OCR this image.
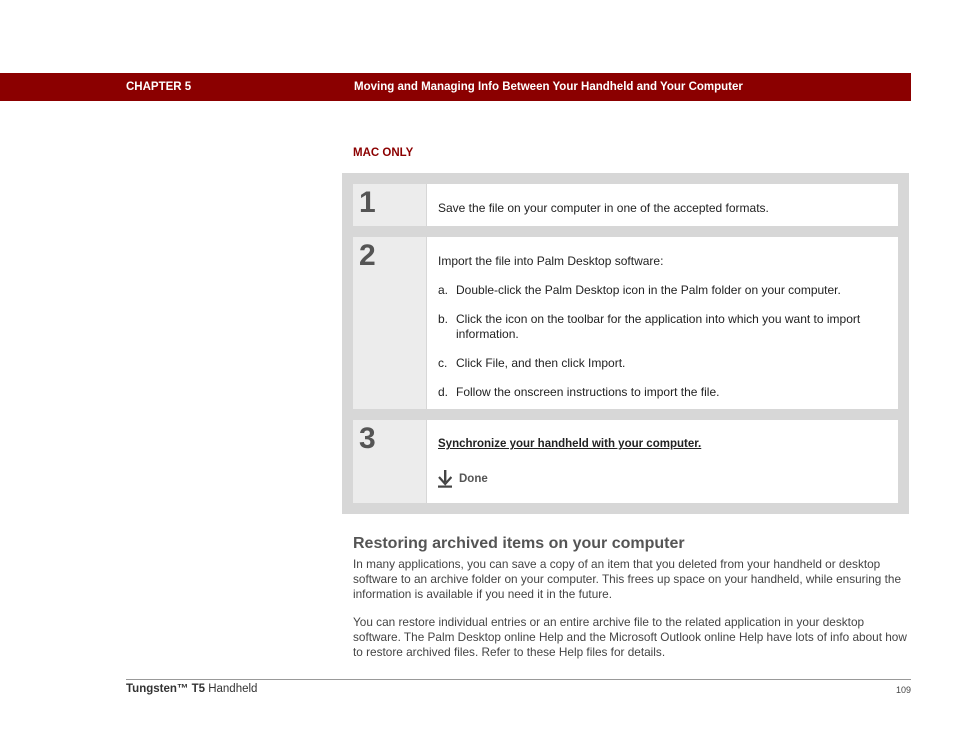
CHAPTER 5	Moving and Managing Info Between Your Handheld and Your Computer
MAC ONLY
1	Save the file on your computer in one of the accepted formats.
2	Import the file into Palm Desktop software:
a. Double-click the Palm Desktop icon in the Palm folder on your computer.
b. Click the icon on the toolbar for the application into which you want to import information.
c. Click File, and then click Import.
d. Follow the onscreen instructions to import the file.
3	Synchronize your handheld with your computer.
Done
Restoring archived items on your computer
In many applications, you can save a copy of an item that you deleted from your handheld or desktop software to an archive folder on your computer. This frees up space on your handheld, while ensuring the information is available if you need it in the future.
You can restore individual entries or an entire archive file to the related application in your desktop software. The Palm Desktop online Help and the Microsoft Outlook online Help have lots of info about how to restore archived files. Refer to these Help files for details.
Tungsten™ T5 Handheld	109
